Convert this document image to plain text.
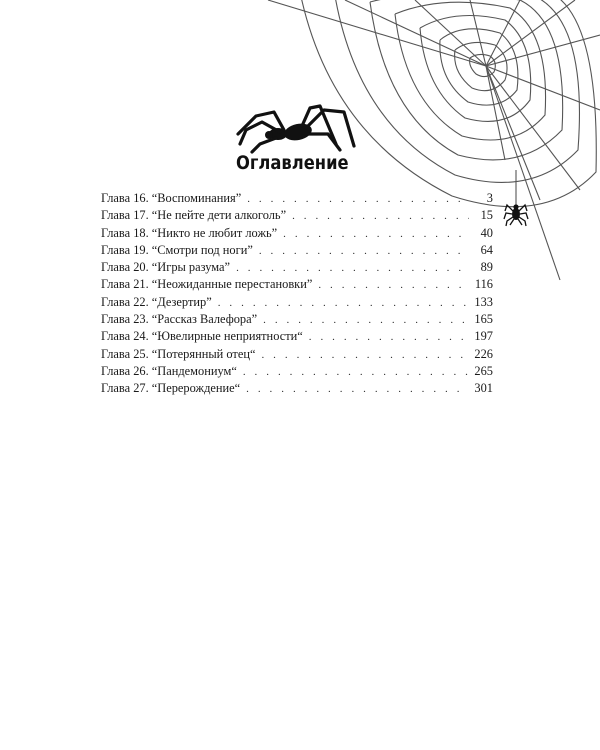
Оглавление
Глава 16. “Воспоминания” . . .	3
Глава 17. “Не пейте дети алкоголь” . . .	15
Глава 18. “Никто не любит ложь” . . .	40
Глава 19. “Смотри под ноги” . . .	64
Глава 20. “Игры разума” . . .	89
Глава 21. “Неожиданные перестановки” . . .	116
Глава 22. “Дезертир” . . .	133
Глава 23. “Рассказ Валефора” . . .	165
Глава 24. “Ювелирные неприятности“ . . .	197
Глава 25. “Потерянный отец“ . . .	226
Глава 26. “Пандемониум“ . . .	265
Глава 27. “Перерождение“ . . .	301
